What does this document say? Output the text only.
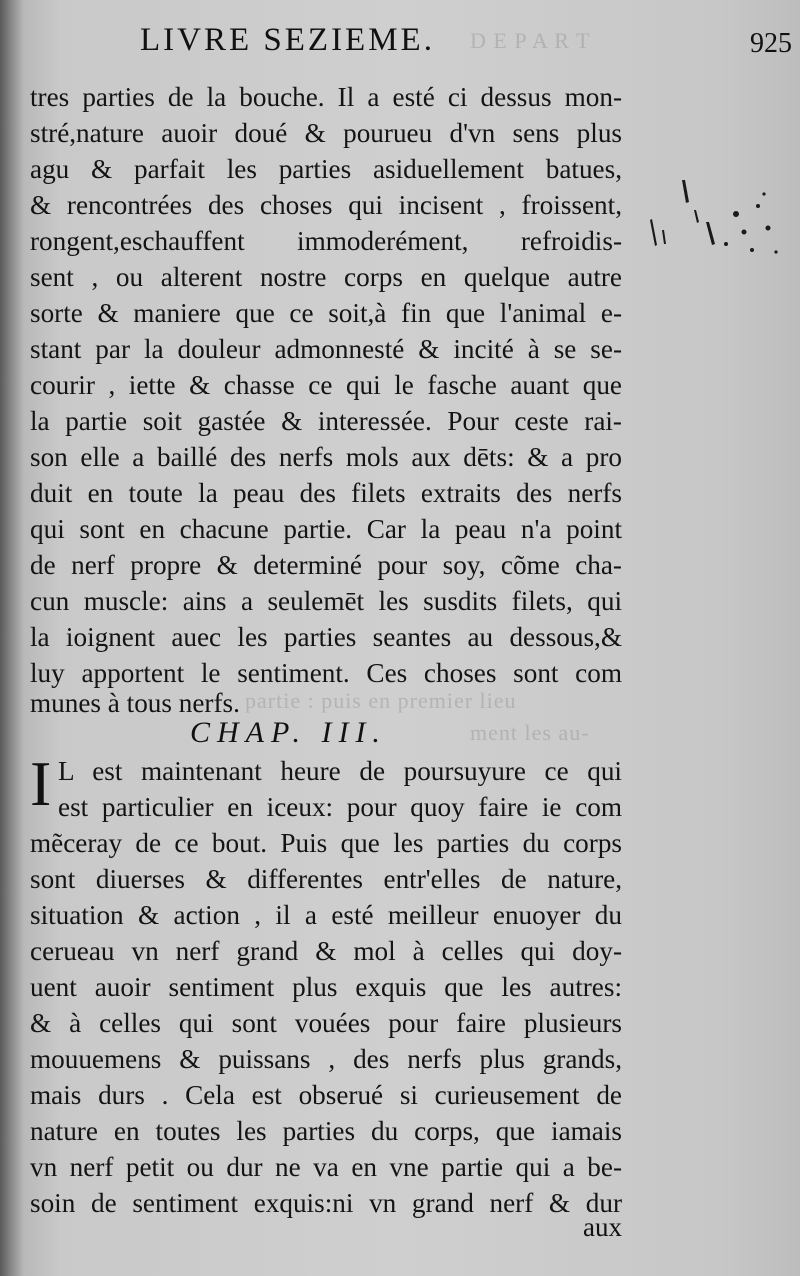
D E P A R T
partie : puis en premier lieu
ment les au-
LIVRE SEZIEME.	925
tres parties de la bouche. Il a esté ci dessus mon-
stré,nature auoir doué & pourueu d'vn sens plus
agu & parfait les parties asiduellement batues,
& rencontrées des choses qui incisent , froissent,
rongent,eschauffent immoderément, refroidis-
sent , ou alterent nostre corps en quelque autre
sorte & maniere que ce soit,à fin que l'animal e-
stant par la douleur admonnesté & incité à se se-
courir , iette & chasse ce qui le fasche auant que
la partie soit gastée & interessée. Pour ceste rai-
son elle a baillé des nerfs mols aux dēts: & a pro
duit en toute la peau des filets extraits des nerfs
qui sont en chacune partie. Car la peau n'a point
de nerf propre & determiné pour soy, cõme cha-
cun muscle: ains a seulemēt les susdits filets, qui
la ioignent auec les parties seantes au dessous,&
luy apportent le sentiment. Ces choses sont com
munes à tous nerfs.
CHAP. III.
I L est maintenant heure de poursuyure ce qui
est particulier en iceux: pour quoy faire ie com
mẽceray de ce bout. Puis que les parties du corps
sont diuerses & differentes entr'elles de nature,
situation & action , il a esté meilleur enuoyer du
cerueau vn nerf grand & mol à celles qui doy-
uent auoir sentiment plus exquis que les autres:
& à celles qui sont vouées pour faire plusieurs
mouuemens & puissans , des nerfs plus grands,
mais durs . Cela est obserué si curieusement de
nature en toutes les parties du corps, que iamais
vn nerf petit ou dur ne va en vne partie qui a be-
soin de sentiment exquis:ni vn grand nerf & dur
aux
